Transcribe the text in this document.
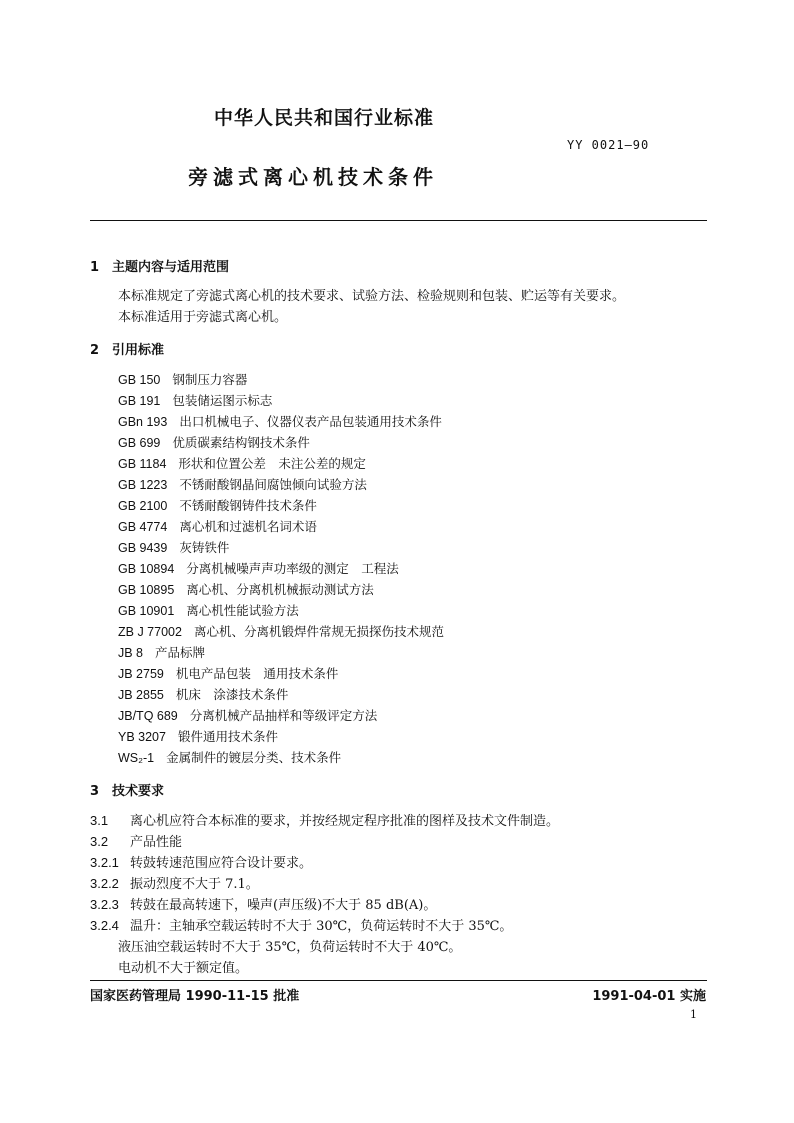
中华人民共和国行业标准
YY 0021—90
旁滤式离心机技术条件
1 主题内容与适用范围
本标准规定了旁滤式离心机的技术要求、试验方法、检验规则和包装、贮运等有关要求。
本标准适用于旁滤式离心机。
2 引用标准
GB 150 钢制压力容器
GB 191 包装储运图示标志
GBn 193 出口机械电子、仪器仪表产品包装通用技术条件
GB 699 优质碳素结构钢技术条件
GB 1184 形状和位置公差　未注公差的规定
GB 1223 不锈耐酸钢晶间腐蚀倾向试验方法
GB 2100 不锈耐酸钢铸件技术条件
GB 4774 离心机和过滤机名词术语
GB 9439 灰铸铁件
GB 10894 分离机械噪声声功率级的测定　工程法
GB 10895 离心机、分离机机械振动测试方法
GB 10901 离心机性能试验方法
ZB J 77002 离心机、分离机锻焊件常规无损探伤技术规范
JB 8 产品标牌
JB 2759 机电产品包装　通用技术条件
JB 2855 机床　涂漆技术条件
JB/TQ 689 分离机械产品抽样和等级评定方法
YB 3207 锻件通用技术条件
WS₂-1 金属制件的镀层分类、技术条件
3 技术要求
3.1 离心机应符合本标准的要求，并按经规定程序批准的图样及技术文件制造。
3.2 产品性能
3.2.1 转鼓转速范围应符合设计要求。
3.2.2 振动烈度不大于 7.1。
3.2.3 转鼓在最高转速下，噪声(声压级)不大于 85 dB(A)。
3.2.4 温升：主轴承空载运转时不大于 30℃，负荷运转时不大于 35℃。
液压油空载运转时不大于 35℃，负荷运转时不大于 40℃。
电动机不大于额定值。
国家医药管理局 1990-11-15 批准	1991-04-01 实施
1
